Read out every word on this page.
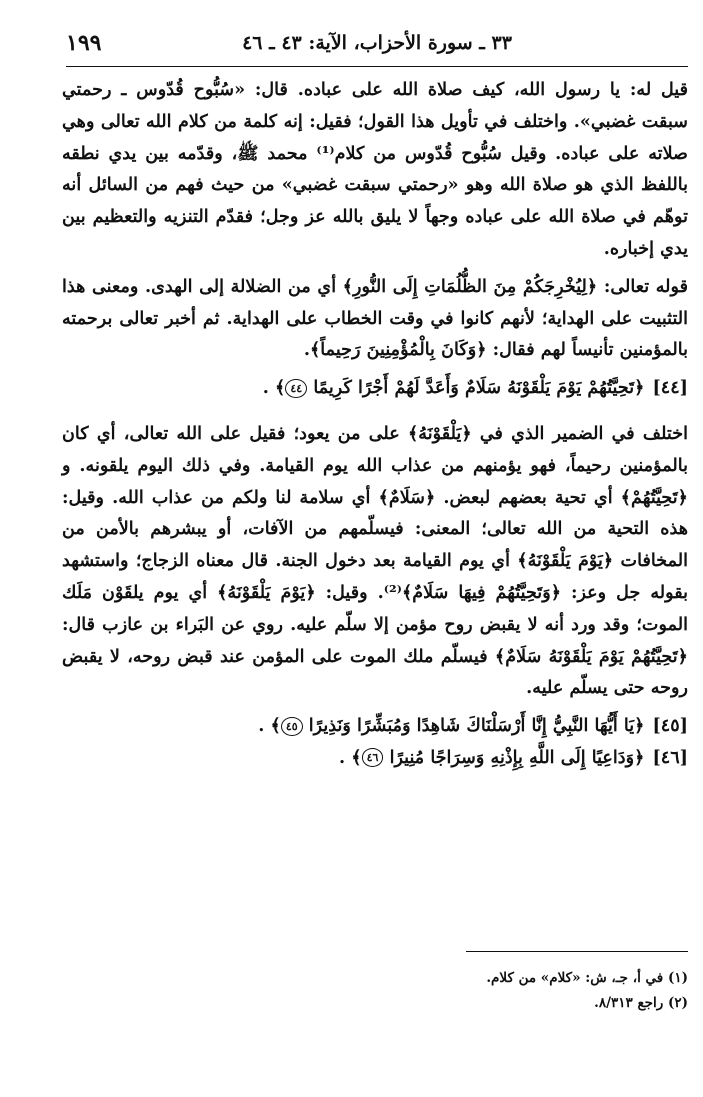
٣٣ ـ سورة الأحزاب، الآية: ٤٣ ـ ٤٦
١٩٩

قيل له: يا رسول الله، كيف صلاة الله على عباده. قال: «سُبُّوح قُدّوس ـ رحمتي سبقت غضبي». واختلف في تأويل هذا القول؛ فقيل: إنه كلمة من كلام الله تعالى وهي صلاته على عباده. وقيل سُبُّوح قُدّوس من كلام⁽¹⁾ محمد ﷺ، وقدّمه بين يدي نطقه باللفظ الذي هو صلاة الله وهو «رحمتي سبقت غضبي» من حيث فهم من السائل أنه توهّم في صلاة الله على عباده وجهاً لا يليق بالله عز وجل؛ فقدّم التنزيه والتعظيم بين يدي إخباره.

قوله تعالى: ﴿لِيُخْرِجَكُمْ مِنَ الظُّلُمَاتِ إِلَى النُّورِ﴾ أي من الضلالة إلى الهدى. ومعنى هذا التثبيت على الهداية؛ لأنهم كانوا في وقت الخطاب على الهداية. ثم أخبر تعالى برحمته بالمؤمنين تأنيساً لهم فقال: ﴿وَكَانَ بِالْمُؤْمِنِينَ رَحِيماً﴾.

[٤٤]﴿تَحِيَّتُهُمْ يَوْمَ يَلْقَوْنَهُ سَلَامٌ وَأَعَدَّ لَهُمْ أَجْرًا كَرِيمًا ٤٤﴾ .

اختلف في الضمير الذي في ﴿يَلْقَوْنَهُ﴾ على من يعود؛ فقيل على الله تعالى، أي كان بالمؤمنين رحيماً، فهو يؤمنهم من عذاب الله يوم القيامة. وفي ذلك اليوم يلقونه. و ﴿تَحِيَّتُهُمْ﴾ أي تحية بعضهم لبعض. ﴿سَلَامٌ﴾ أي سلامة لنا ولكم من عذاب الله. وقيل: هذه التحية من الله تعالى؛ المعنى: فيسلّمهم من الآفات، أو يبشرهم بالأمن من المخافات ﴿يَوْمَ يَلْقَوْنَهُ﴾ أي يوم القيامة بعد دخول الجنة. قال معناه الزجاج؛ واستشهد بقوله جل وعز: ﴿وَتَحِيَّتُهُمْ فِيهَا سَلَامٌ﴾⁽²⁾. وقيل: ﴿يَوْمَ يَلْقَوْنَهُ﴾ أي يوم يلقَوْن مَلَك الموت؛ وقد ورد أنه لا يقبض روح مؤمن إلا سلّم عليه. روي عن البَراء بن عازب قال: ﴿تَحِيَّتُهُمْ يَوْمَ يَلْقَوْنَهُ سَلَامٌ﴾ فيسلّم ملك الموت على المؤمن عند قبض روحه، لا يقبض روحه حتى يسلّم عليه.

[٤٥]﴿يَا أَيُّهَا النَّبِيُّ إِنَّا أَرْسَلْنَاكَ شَاهِدًا وَمُبَشِّرًا وَنَذِيرًا ٤٥﴾ .

[٤٦]﴿وَدَاعِيًا إِلَى اللَّهِ بِإِذْنِهِ وَسِرَاجًا مُنِيرًا ٤٦﴾ .

(١) في أ، جـ، ش: «كلام» من كلام.

(٢) راجع ٨/٣١٣.
